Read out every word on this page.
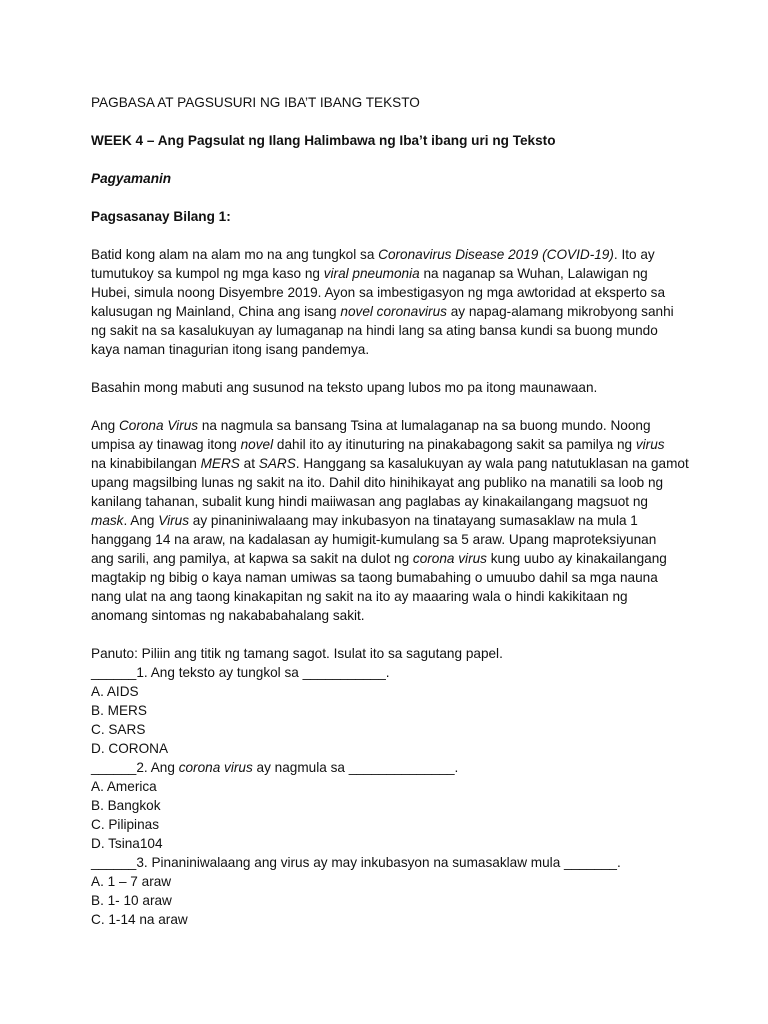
PAGBASA AT PAGSUSURI NG IBA’T IBANG TEKSTO
WEEK 4 – Ang Pagsulat ng Ilang Halimbawa ng Iba’t ibang uri ng Teksto
Pagyamanin
Pagsasanay Bilang 1:
Batid kong alam na alam mo na ang tungkol sa Coronavirus Disease 2019 (COVID-19). Ito ay
tumutukoy sa kumpol ng mga kaso ng viral pneumonia na naganap sa Wuhan, Lalawigan ng
Hubei, simula noong Disyembre 2019. Ayon sa imbestigasyon ng mga awtoridad at eksperto sa
kalusugan ng Mainland, China ang isang novel coronavirus ay napag-alamang mikrobyong sanhi
ng sakit na sa kasalukuyan ay lumaganap na hindi lang sa ating bansa kundi sa buong mundo
kaya naman tinagurian itong isang pandemya.
Basahin mong mabuti ang susunod na teksto upang lubos mo pa itong maunawaan.
Ang Corona Virus na nagmula sa bansang Tsina at lumalaganap na sa buong mundo. Noong
umpisa ay tinawag itong novel dahil ito ay itinuturing na pinakabagong sakit sa pamilya ng virus
na kinabibilangan MERS at SARS. Hanggang sa kasalukuyan ay wala pang natutuklasan na gamot
upang magsilbing lunas ng sakit na ito. Dahil dito hinihikayat ang publiko na manatili sa loob ng
kanilang tahanan, subalit kung hindi maiiwasan ang paglabas ay kinakailangang magsuot ng
mask. Ang Virus ay pinaniniwalaang may inkubasyon na tinatayang sumasaklaw na mula 1
hanggang 14 na araw, na kadalasan ay humigit-kumulang sa 5 araw. Upang maproteksiyunan
ang sarili, ang pamilya, at kapwa sa sakit na dulot ng corona virus kung uubo ay kinakailangang
magtakip ng bibig o kaya naman umiwas sa taong bumabahing o umuubo dahil sa mga nauna
nang ulat na ang taong kinakapitan ng sakit na ito ay maaaring wala o hindi kakikitaan ng
anomang sintomas ng nakababahalang sakit.
Panuto: Piliin ang titik ng tamang sagot. Isulat ito sa sagutang papel.
______1. Ang teksto ay tungkol sa ___________.
A. AIDS
B. MERS
C. SARS
D. CORONA
______2. Ang corona virus ay nagmula sa ______________.
A. America
B. Bangkok
C. Pilipinas
D. Tsina104
______3. Pinaniniwalaang ang virus ay may inkubasyon na sumasaklaw mula _______.
A. 1 – 7 araw
B. 1- 10 araw
C. 1-14 na araw
